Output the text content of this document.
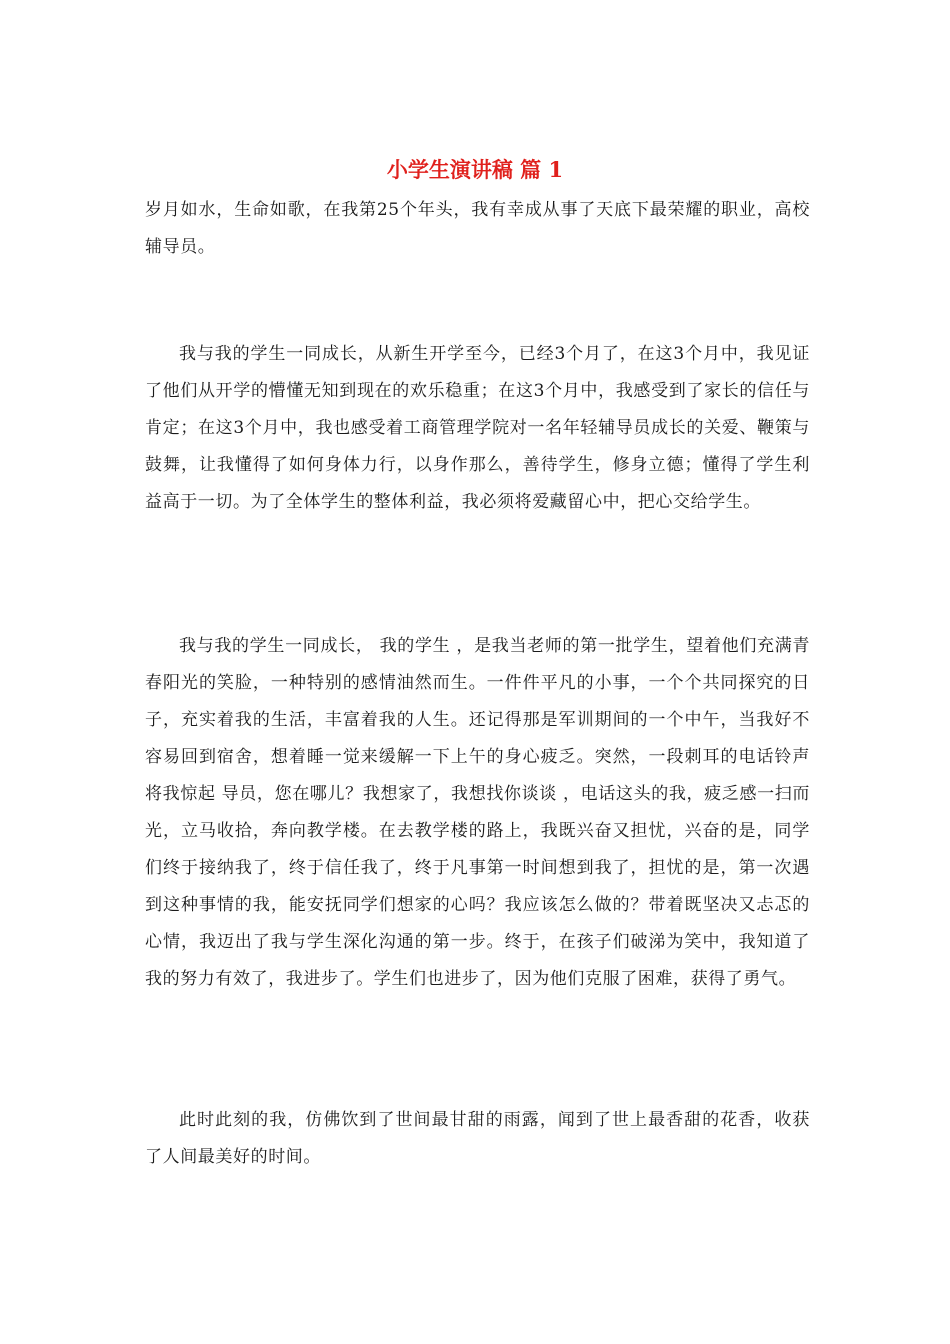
小学生演讲稿 篇 1

岁月如水，生命如歌，在我第25个年头，我有幸成从事了天底下最荣耀的职业，高校辅导员。

我与我的学生一同成长，从新生开学至今，已经3个月了，在这3个月中，我见证了他们从开学的懵懂无知到现在的欢乐稳重；在这3个月中，我感受到了家长的信任与肯定；在这3个月中，我也感受着工商管理学院对一名年轻辅导员成长的关爱、鞭策与鼓舞，让我懂得了如何身体力行，以身作那么，善待学生，修身立德；懂得了学生利益高于一切。为了全体学生的整体利益，我必须将爱藏留心中，把心交给学生。

我与我的学生一同成长， 我的学生 ，是我当老师的第一批学生，望着他们充满青春阳光的笑脸，一种特别的感情油然而生。一件件平凡的小事，一个个共同探究的日子，充实着我的生活，丰富着我的人生。还记得那是军训期间的一个中午，当我好不容易回到宿舍，想着睡一觉来缓解一下上午的身心疲乏。突然，一段刺耳的电话铃声将我惊起 导员，您在哪儿？我想家了，我想找你谈谈 ，电话这头的我，疲乏感一扫而光，立马收拾，奔向教学楼。在去教学楼的路上，我既兴奋又担忧，兴奋的是，同学们终于接纳我了，终于信任我了，终于凡事第一时间想到我了，担忧的是，第一次遇到这种事情的我，能安抚同学们想家的心吗？我应该怎么做的？带着既坚决又忐忑的心情，我迈出了我与学生深化沟通的第一步。终于，在孩子们破涕为笑中，我知道了我的努力有效了，我进步了。学生们也进步了，因为他们克服了困难，获得了勇气。

此时此刻的我，仿佛饮到了世间最甘甜的雨露，闻到了世上最香甜的花香，收获了人间最美好的时间。
